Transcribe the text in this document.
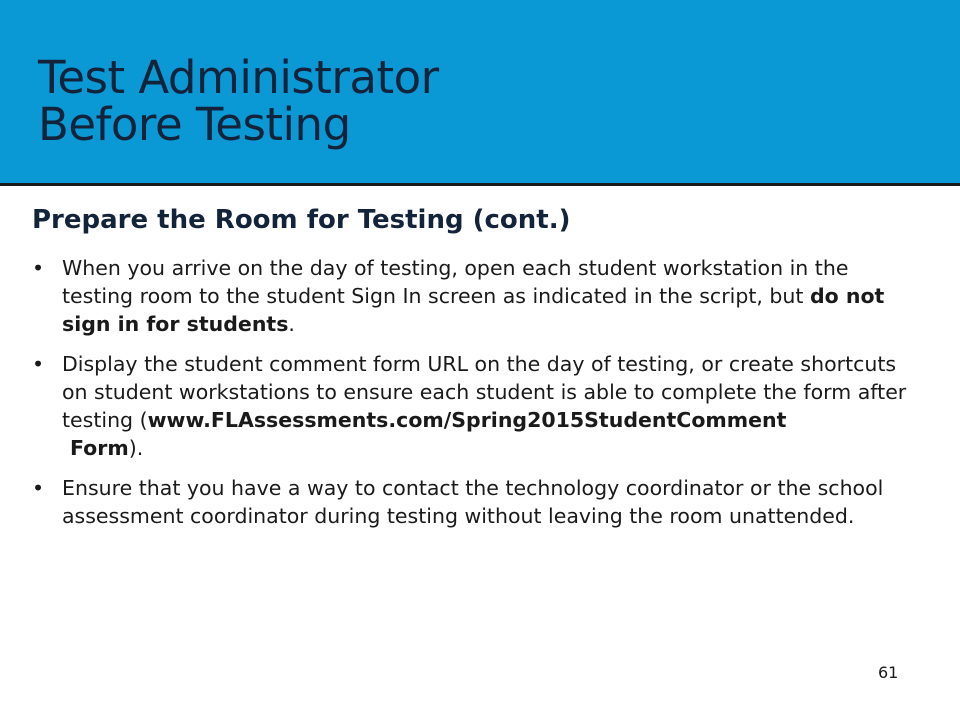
Test Administrator
Before Testing
Prepare the Room for Testing (cont.)
• When you arrive on the day of testing, open each student workstation in the testing room to the student Sign In screen as indicated in the script, but do not sign in for students.
• Display the student comment form URL on the day of testing, or create shortcuts on student workstations to ensure each student is able to complete the form after testing (www.FLAssessments.com/Spring2015StudentComment
Form).
• Ensure that you have a way to contact the technology coordinator or the school assessment coordinator during testing without leaving the room unattended.
61
